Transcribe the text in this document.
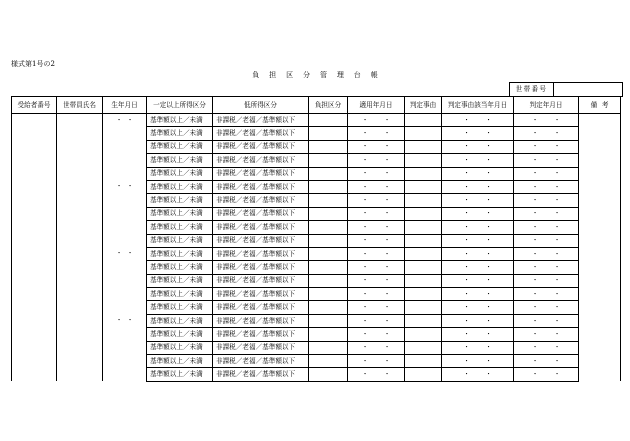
様式第1号の2
負 担 区 分 管 理 台 帳
世帯番号	
受給者番号	世帯員氏名	生年月日	一定以上所得区分	低所得区分	負担区分	適用年月日	判定事由	判定事由該当年月日	判定年月日	備考
		・ ・	基準額以上／未満	非課税／老福／基準額以下		・ ・		・ ・	・ ・	
			基準額以上／未満	非課税／老福／基準額以下		・ ・		・ ・	・ ・	
			基準額以上／未満	非課税／老福／基準額以下		・ ・		・ ・	・ ・	
			基準額以上／未満	非課税／老福／基準額以下		・ ・		・ ・	・ ・	
			基準額以上／未満	非課税／老福／基準額以下		・ ・		・ ・	・ ・	
		・ ・	基準額以上／未満	非課税／老福／基準額以下		・ ・		・ ・	・ ・	
			基準額以上／未満	非課税／老福／基準額以下		・ ・		・ ・	・ ・	
			基準額以上／未満	非課税／老福／基準額以下		・ ・		・ ・	・ ・	
			基準額以上／未満	非課税／老福／基準額以下		・ ・		・ ・	・ ・	
			基準額以上／未満	非課税／老福／基準額以下		・ ・		・ ・	・ ・	
		・ ・	基準額以上／未満	非課税／老福／基準額以下		・ ・		・ ・	・ ・	
			基準額以上／未満	非課税／老福／基準額以下		・ ・		・ ・	・ ・	
			基準額以上／未満	非課税／老福／基準額以下		・ ・		・ ・	・ ・	
			基準額以上／未満	非課税／老福／基準額以下		・ ・		・ ・	・ ・	
			基準額以上／未満	非課税／老福／基準額以下		・ ・		・ ・	・ ・	
		・ ・	基準額以上／未満	非課税／老福／基準額以下		・ ・		・ ・	・ ・	
			基準額以上／未満	非課税／老福／基準額以下		・ ・		・ ・	・ ・	
			基準額以上／未満	非課税／老福／基準額以下		・ ・		・ ・	・ ・	
			基準額以上／未満	非課税／老福／基準額以下		・ ・		・ ・	・ ・	
			基準額以上／未満	非課税／老福／基準額以下		・ ・		・ ・	・ ・	
